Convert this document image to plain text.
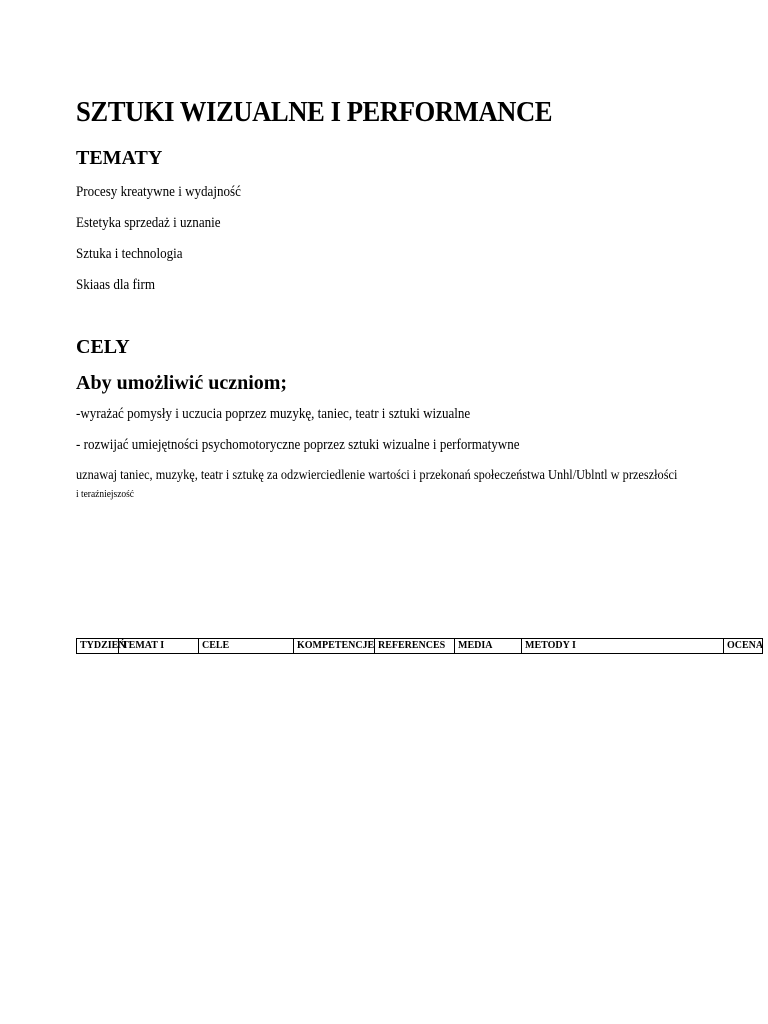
SZTUKI WIZUALNE I PERFORMANCE
TEMATY
Procesy kreatywne i wydajność
Estetyka sprzedaż i uznanie
Sztuka i technologia
Skiaas dla firm
CELY
Aby umożliwić uczniom;
-wyrażać pomysły i uczucia poprzez muzykę, taniec, teatr i sztuki wizualne
- rozwijać umiejętności psychomotoryczne poprzez sztuki wizualne i performatywne
uznawaj taniec, muzykę, teatr i sztukę za odzwierciedlenie wartości i przekonań społeczeństwa Unhl/Ublntl w przeszłości
i teraźniejszość
TYDZIEŃ	TEMAT I	CELE	KOMPETENCJE	REFERENCES	MEDIA	METODY I	OCENA
